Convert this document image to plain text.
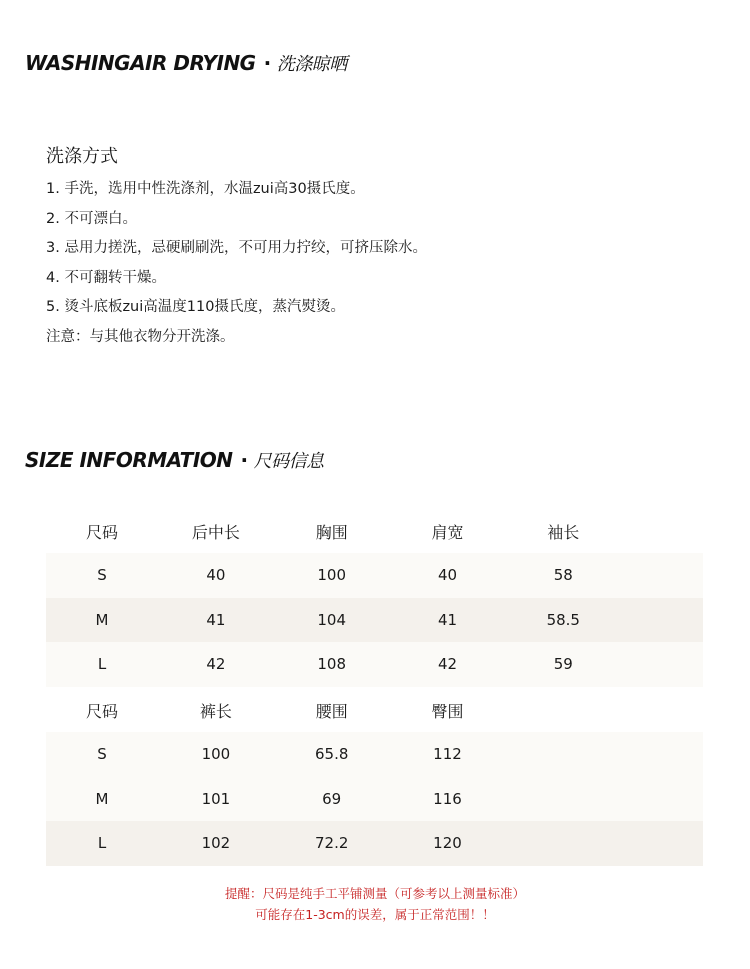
WASHINGAIR DRYING · 洗涤晾晒
洗涤方式
1. 手洗，选用中性洗涤剂，水温zui高30摄氏度。
2. 不可漂白。
3. 忌用力搓洗，忌硬刷刷洗，不可用力拧绞，可挤压除水。
4. 不可翻转干燥。
5. 烫斗底板zui高温度110摄氏度，蒸汽熨烫。
注意：与其他衣物分开洗涤。
SIZE INFORMATION · 尺码信息
尺码	后中长	胸围	肩宽	袖长
S	40	100	40	58
M	41	104	41	58.5
L	42	108	42	59
尺码	裤长	腰围	臀围
S	100	65.8	112
M	101	69	116
L	102	72.2	120
提醒：尺码是纯手工平铺测量（可参考以上测量标准）
可能存在1-3cm的误差，属于正常范围！！
